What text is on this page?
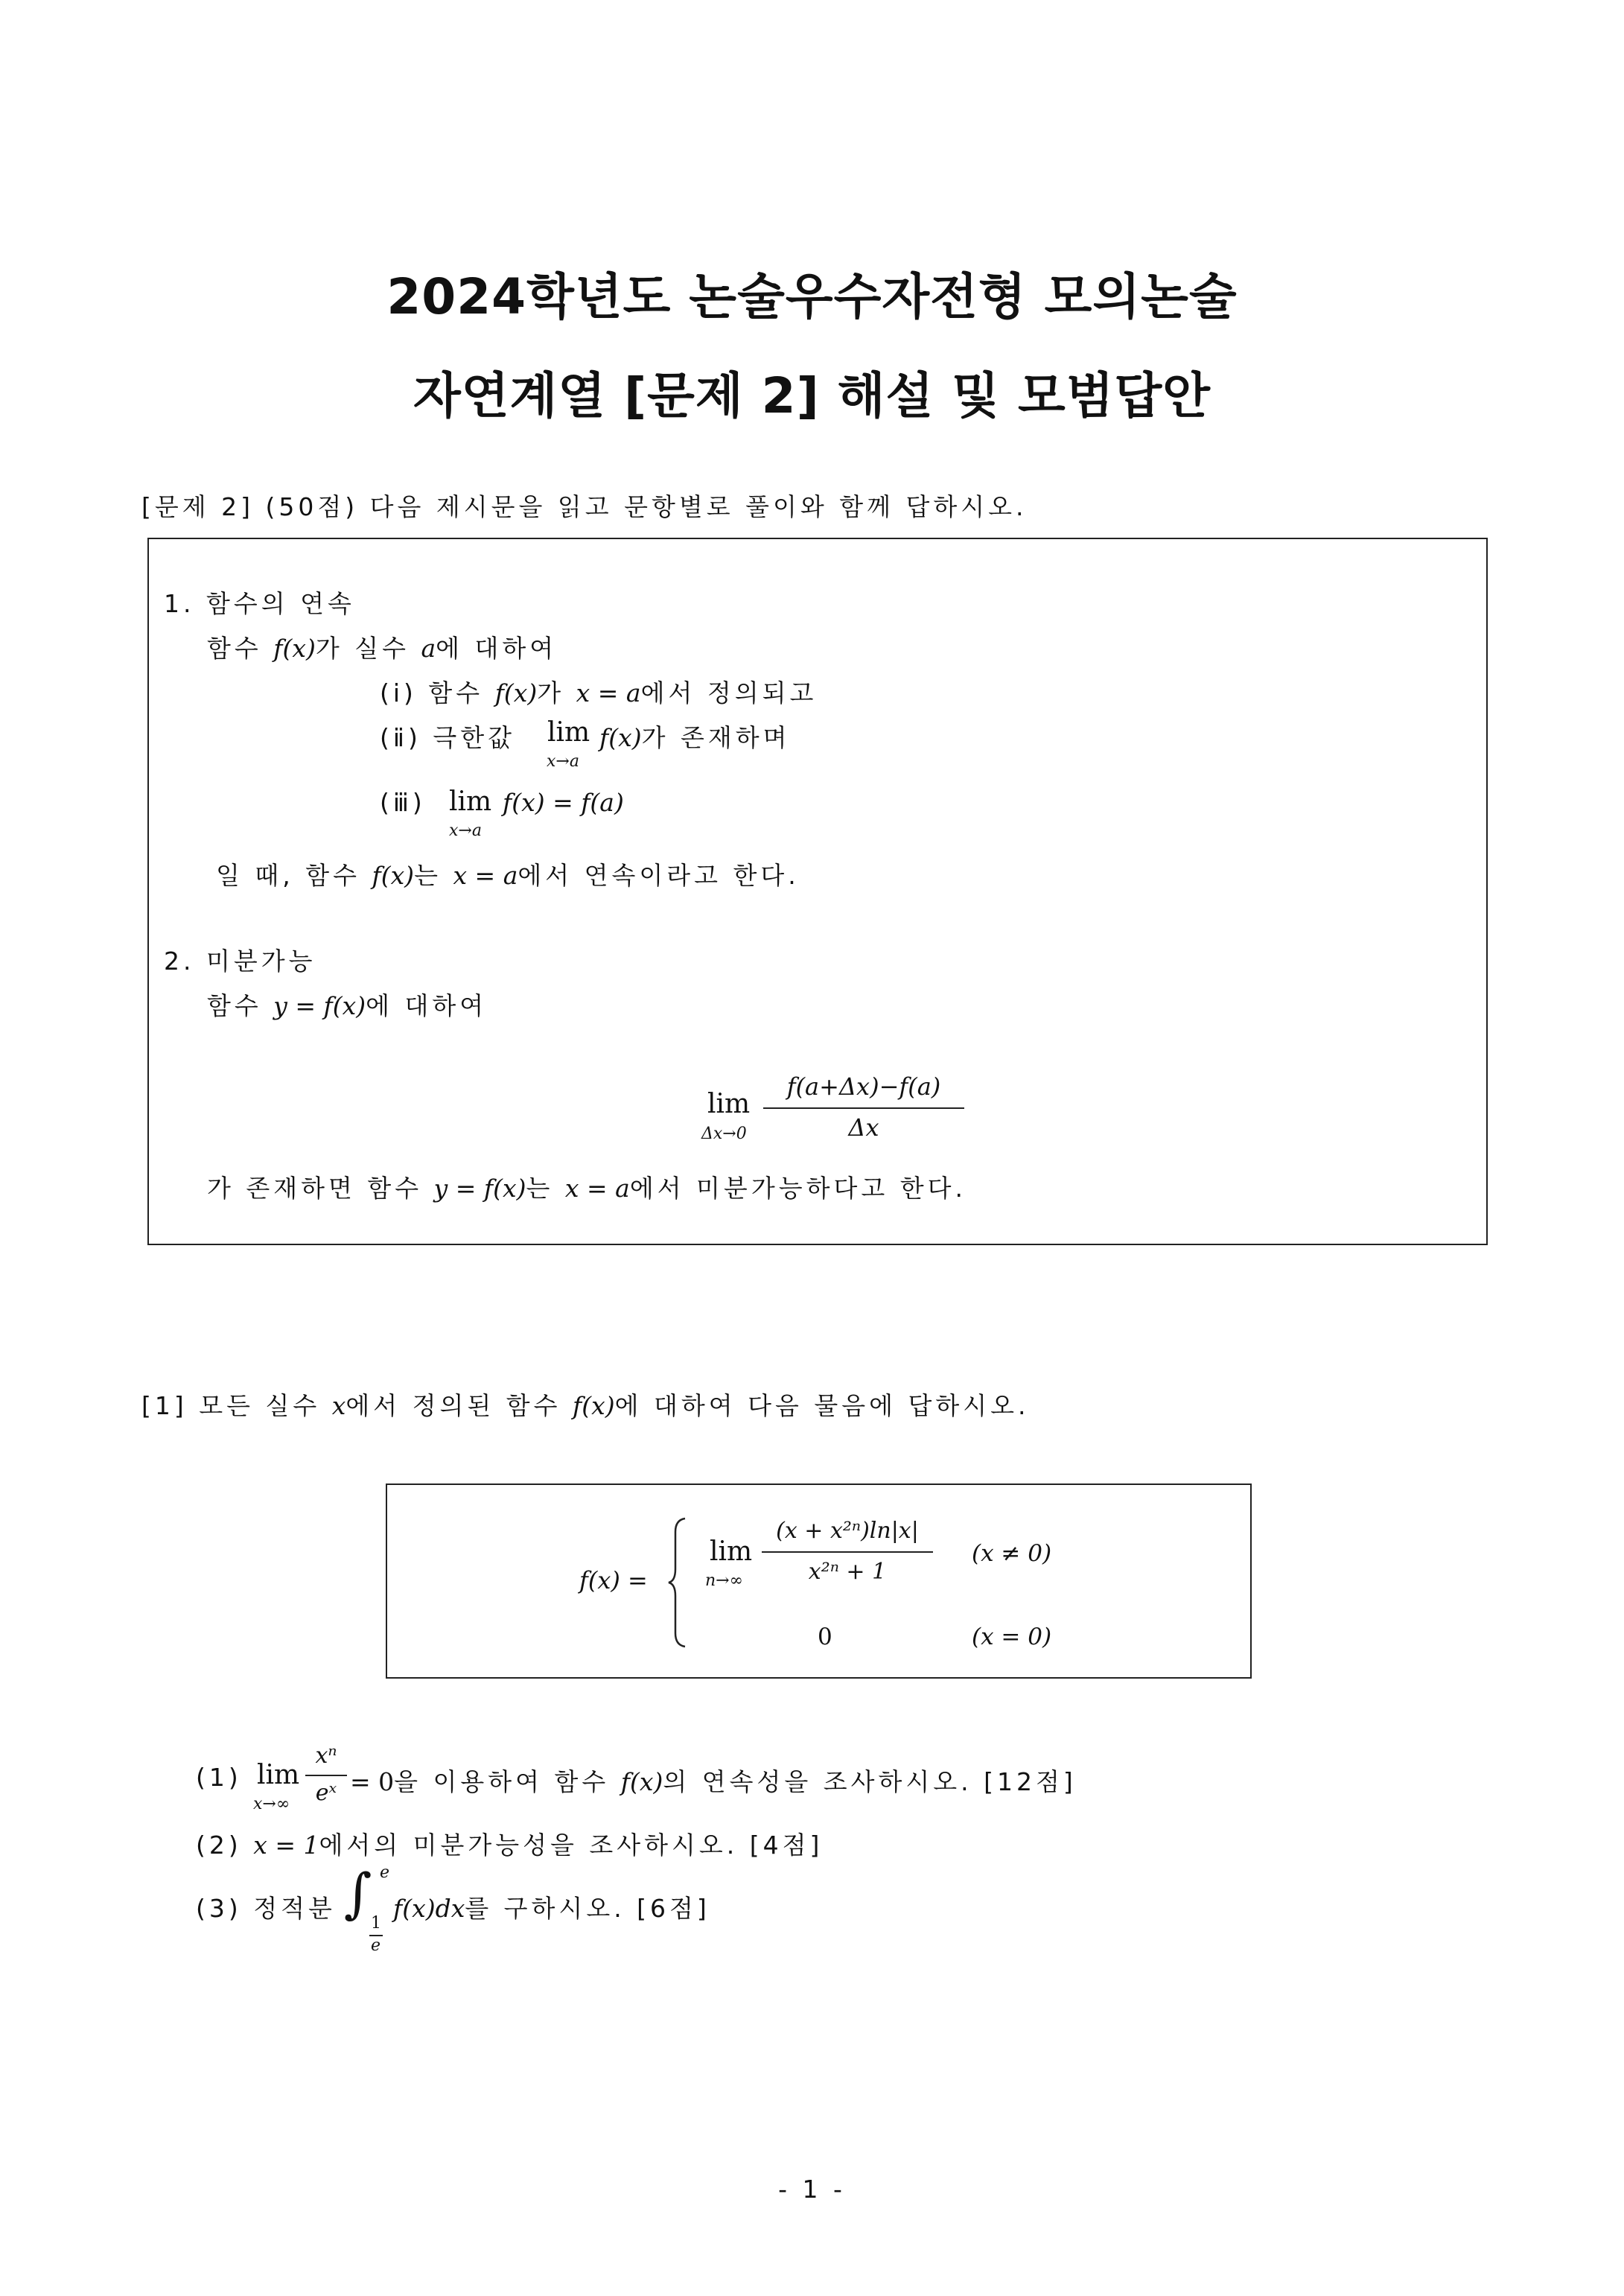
2024학년도 논술우수자전형 모의논술
자연계열 [문제 2] 해설 및 모범답안
[문제 2] (50점) 다음 제시문을 읽고 문항별로 풀이와 함께 답하시오.
1. 함수의 연속
함수 f(x)가 실수 a에 대하여
(ⅰ) 함수 f(x)가 x = a에서 정의되고
(ⅱ) 극한값 lim
x→a
f(x)가 존재하며
(ⅲ) lim
x→a
f(x) = f(a)
일 때, 함수 f(x)는 x = a에서 연속이라고 한다.
2. 미분가능
함수 y = f(x)에 대하여
lim
Δx→0
f(a+Δx)−f(a)
Δx
가 존재하면 함수 y = f(x)는 x = a에서 미분가능하다고 한다.
[1] 모든 실수 x에서 정의된 함수 f(x)에 대하여 다음 물음에 답하시오.
f(x) =
lim
n→∞
(x + x²ⁿ)ln|x|
x²ⁿ + 1
(x ≠ 0)
0	(x = 0)
(1) lim
x→∞
xⁿ
eˣ = 0을 이용하여 함수 f(x)의 연속성을 조사하시오. [12점]
(2) x = 1에서의 미분가능성을 조사하시오. [4점]
(3) 정적분 ∫ e
1
e
f(x)dx를 구하시오. [6점]
- 1 -
